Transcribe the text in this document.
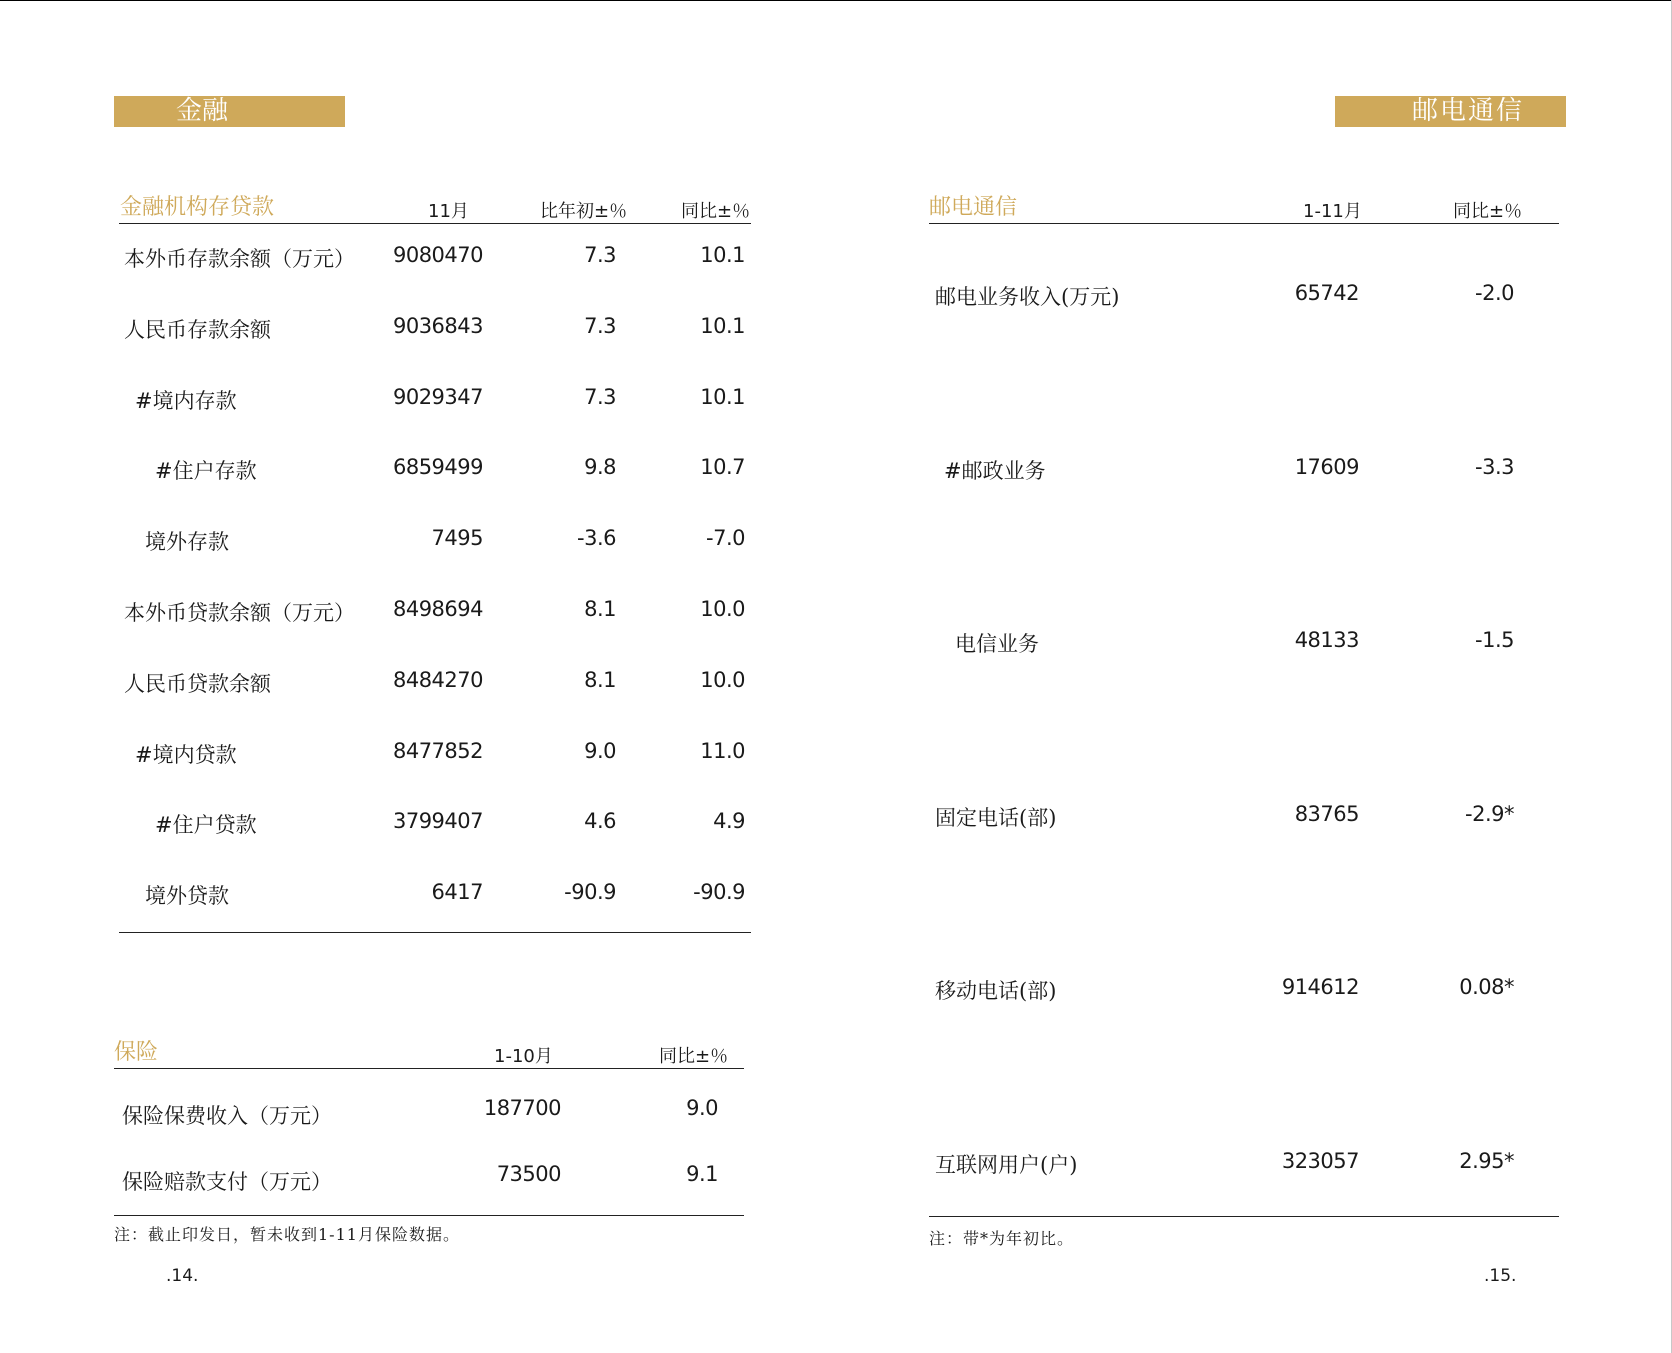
金融
金融机构存贷款	11月	比年初±％	同比±％
本外币存款余额（万元） 9080470	7.3	10.1
人民币存款余额	9036843	7.3	10.1
#境内存款	9029347	7.3	10.1
#住户存款	6859499	9.8	10.7
境外存款	7495	-3.6	-7.0
本外币贷款余额（万元） 8498694	8.1	10.0
人民币贷款余额	8484270	8.1	10.0
#境内贷款	8477852	9.0	11.0
#住户贷款	3799407	4.6	4.9
境外贷款	6417	-90.9	-90.9
保险	1-10月	同比±％
保险保费收入（万元）	187700	9.0
保险赔款支付（万元）	73500	9.1
注：截止印发日，暂未收到1-11月保险数据。
.14.
邮电通信
邮电通信	1-11月	同比±％
邮电业务收入(万元)	65742	-2.0
#邮政业务	17609	-3.3
电信业务	48133	-1.5
固定电话(部)	83765	-2.9*
移动电话(部)	914612	0.08*
互联网用户(户)	323057	2.95*
注：带*为年初比。
.15.
